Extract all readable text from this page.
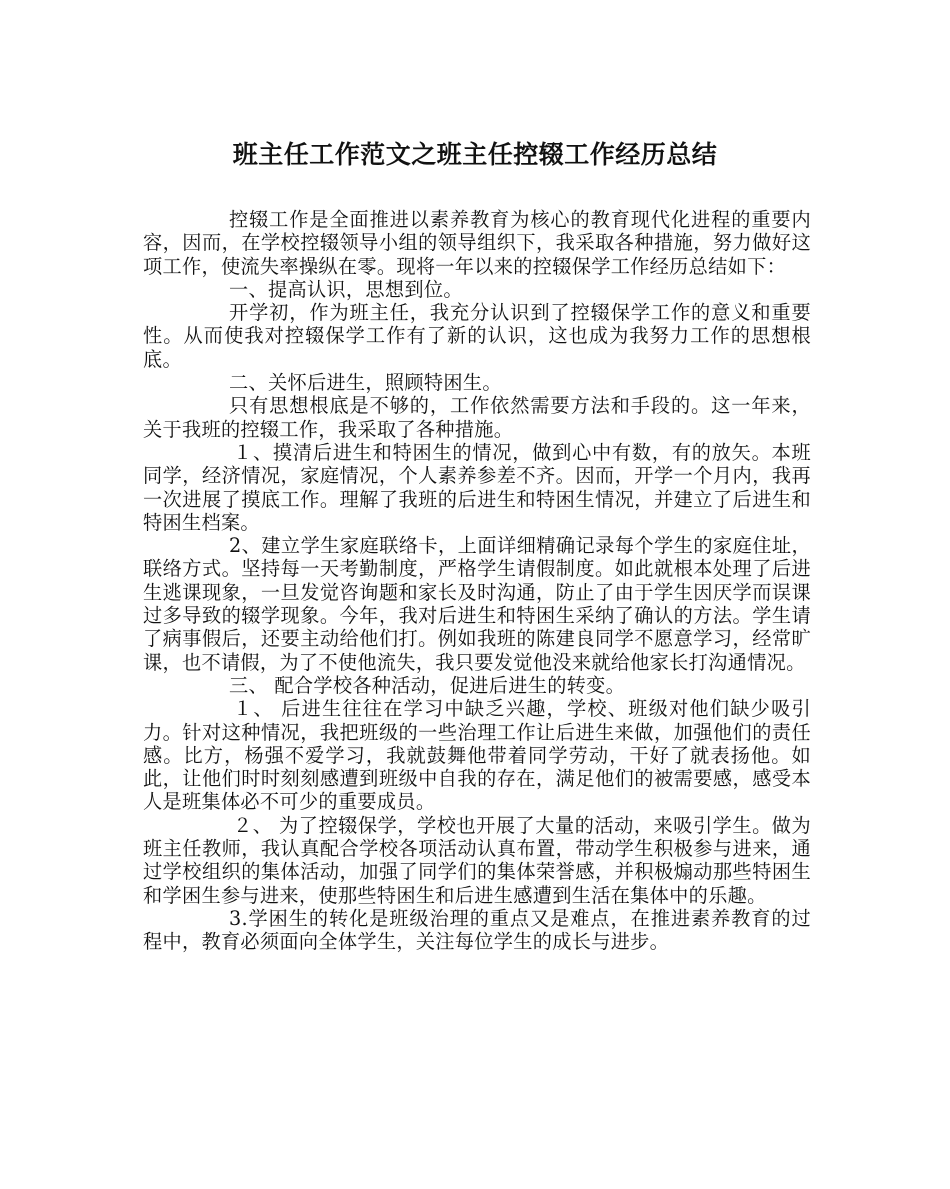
班主任工作范文之班主任控辍工作经历总结

控辍工作是全面推进以素养教育为核心的教育现代化进程的重要内容，因而，在学校控辍领导小组的领导组织下，我采取各种措施，努力做好这项工作，使流失率操纵在零。现将一年以来的控辍保学工作经历总结如下：

一、提高认识，思想到位。

开学初，作为班主任，我充分认识到了控辍保学工作的意义和重要性。从而使我对控辍保学工作有了新的认识，这也成为我努力工作的思想根底。

二、关怀后进生，照顾特困生。

只有思想根底是不够的，工作依然需要方法和手段的。这一年来，关于我班的控辍工作，我采取了各种措施。

１、摸清后进生和特困生的情况，做到心中有数，有的放矢。本班同学，经济情况，家庭情况，个人素养参差不齐。因而，开学一个月内，我再一次进展了摸底工作。理解了我班的后进生和特困生情况，并建立了后进生和特困生档案。

2、建立学生家庭联络卡，上面详细精确记录每个学生的家庭住址，联络方式。坚持每一天考勤制度，严格学生请假制度。如此就根本处理了后进生逃课现象，一旦发觉咨询题和家长及时沟通，防止了由于学生因厌学而误课过多导致的辍学现象。今年，我对后进生和特困生采纳了确认的方法。学生请了病事假后，还要主动给他们打。例如我班的陈建良同学不愿意学习，经常旷课，也不请假，为了不使他流失，我只要发觉他没来就给他家长打沟通情况。

三、 配合学校各种活动，促进后进生的转变。

１、 后进生往往在学习中缺乏兴趣，学校、班级对他们缺少吸引力。针对这种情况，我把班级的一些治理工作让后进生来做，加强他们的责任感。比方，杨强不爱学习，我就鼓舞他带着同学劳动，干好了就表扬他。如此，让他们时时刻刻感遭到班级中自我的存在，满足他们的被需要感，感受本人是班集体必不可少的重要成员。

２、 为了控辍保学，学校也开展了大量的活动，来吸引学生。做为班主任教师，我认真配合学校各项活动认真布置，带动学生积极参与进来，通过学校组织的集体活动，加强了同学们的集体荣誉感，并积极煽动那些特困生和学困生参与进来，使那些特困生和后进生感遭到生活在集体中的乐趣。

3.学困生的转化是班级治理的重点又是难点，在推进素养教育的过程中，教育必须面向全体学生，关注每位学生的成长与进步。
